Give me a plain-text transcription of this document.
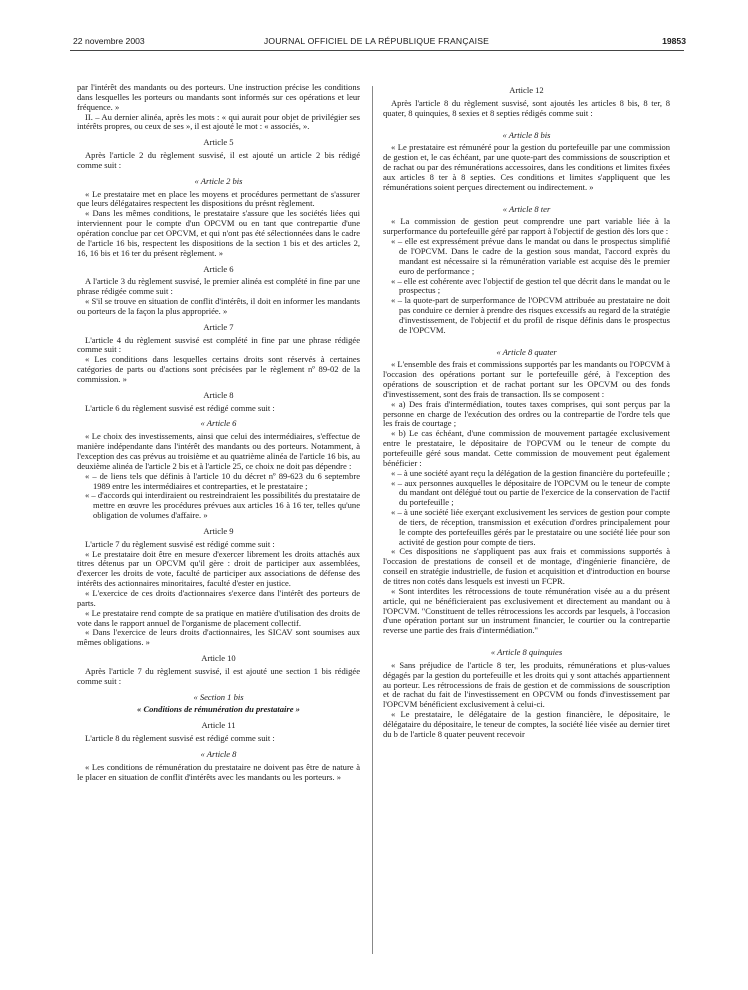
22 novembre 2003	JOURNAL OFFICIEL DE LA RÉPUBLIQUE FRANÇAISE	19853

par l'intérêt des mandants ou des porteurs. Une instruction précise les conditions dans lesquelles les porteurs ou mandants sont informés sur ces opérations et leur fréquence. »

II. – Au dernier alinéa, après les mots : « qui aurait pour objet de privilégier ses intérêts propres, ou ceux de ses », il est ajouté le mot : « associés, ».

Article 5

Après l'article 2 du règlement susvisé, il est ajouté un article 2 bis rédigé comme suit :

« Article 2 bis

« Le prestataire met en place les moyens et procédures permettant de s'assurer que leurs délégataires respectent les dispositions du présnt règlement.

« Dans les mêmes conditions, le prestataire s'assure que les sociétés liées qui interviennent pour le compte d'un OPCVM ou en tant que contrepartie d'une opération conclue par cet OPCVM, et qui n'ont pas été sélectionnées dans le cadre de l'article 16 bis, respectent les dispositions de la section 1 bis et des articles 2, 16, 16 bis et 16 ter du présent règlement. »

Article 6

A l'article 3 du règlement susvisé, le premier alinéa est complété in fine par une phrase rédigée comme suit :

« S'il se trouve en situation de conflit d'intérêts, il doit en informer les mandants ou porteurs de la façon la plus appropriée. »

Article 7

L'article 4 du règlement susvisé est complété in fine par une phrase rédigée comme suit :

« Les conditions dans lesquelles certains droits sont réservés à certaines catégories de parts ou d'actions sont précisées par le règlement nº 89-02 de la commission. »

Article 8

L'article 6 du règlement susvisé est rédigé comme suit :

« Article 6

« Le choix des investissements, ainsi que celui des intermédiaires, s'effectue de manière indépendante dans l'intérêt des mandants ou des porteurs. Notamment, à l'exception des cas prévus au troisième et au quatrième alinéa de l'article 16 bis, au deuxième alinéa de l'article 2 bis et à l'article 25, ce choix ne doit pas dépendre :

« – de liens tels que définis à l'article 10 du décret nº 89-623 du 6 septembre 1989 entre les intermédiaires et contreparties, et le prestataire ;

« – d'accords qui interdiraient ou restreindraient les possibilités du prestataire de mettre en œuvre les procédures prévues aux articles 16 à 16 ter, telles qu'une obligation de volumes d'affaire. »

Article 9

L'article 7 du règlement susvisé est rédigé comme suit :

« Le prestataire doit être en mesure d'exercer librement les droits attachés aux titres détenus par un OPCVM qu'il gère : droit de participer aux assemblées, d'exercer les droits de vote, faculté de participer aux associations de défense des intérêts des actionnaires minoritaires, faculté d'ester en justice.

« L'exercice de ces droits d'actionnaires s'exerce dans l'intérêt des porteurs de parts.

« Le prestataire rend compte de sa pratique en matière d'utilisation des droits de vote dans le rapport annuel de l'organisme de placement collectif.

« Dans l'exercice de leurs droits d'actionnaires, les SICAV sont soumises aux mêmes obligations. »

Article 10

Après l'article 7 du règlement susvisé, il est ajouté une section 1 bis rédigée comme suit :

« Section 1 bis

« Conditions de rémunération du prestataire »

Article 11

L'article 8 du règlement susvisé est rédigé comme suit :

« Article 8

« Les conditions de rémunération du prestataire ne doivent pas être de nature à le placer en situation de conflit d'intérêts avec les mandants ou les porteurs. »

Article 12

Après l'article 8 du règlement susvisé, sont ajoutés les articles 8 bis, 8 ter, 8 quater, 8 quinquies, 8 sexies et 8 septies rédigés comme suit :

« Article 8 bis

« Le prestataire est rémunéré pour la gestion du portefeuille par une commission de gestion et, le cas échéant, par une quote-part des commissions de souscription et de rachat ou par des rémunérations accessoires, dans les conditions et limites fixées aux articles 8 ter à 8 septies. Ces conditions et limites s'appliquent que les rémunérations soient perçues directement ou indirectement. »

« Article 8 ter

« La commission de gestion peut comprendre une part variable liée à la surperformance du portefeuille géré par rapport à l'objectif de gestion dès lors que :

« – elle est expressément prévue dans le mandat ou dans le prospectus simplifié de l'OPCVM. Dans le cadre de la gestion sous mandat, l'accord exprès du mandant est nécessaire si la rémunération variable est acquise dès le premier euro de performance ;

« – elle est cohérente avec l'objectif de gestion tel que décrit dans le mandat ou le prospectus ;

« – la quote-part de surperformance de l'OPCVM attribuée au prestataire ne doit pas conduire ce dernier à prendre des risques excessifs au regard de la stratégie d'investissement, de l'objectif et du profil de risque définis dans le prospectus de l'OPCVM.

« Article 8 quater

« L'ensemble des frais et commissions supportés par les mandants ou l'OPCVM à l'occasion des opérations portant sur le portefeuille géré, à l'exception des opérations de souscription et de rachat portant sur les OPCVM ou des fonds d'investissement, sont des frais de transaction. Ils se composent :

« a) Des frais d'intermédiation, toutes taxes comprises, qui sont perçus par la personne en charge de l'exécution des ordres ou la contrepartie de l'ordre tels que les frais de courtage ;

« b) Le cas échéant, d'une commission de mouvement partagée exclusivement entre le prestataire, le dépositaire de l'OPCVM ou le teneur de compte du portefeuille géré sous mandat. Cette commission de mouvement peut également bénéficier :

« – à une société ayant reçu la délégation de la gestion financière du portefeuille ;

« – aux personnes auxquelles le dépositaire de l'OPCVM ou le teneur de compte du mandant ont délégué tout ou partie de l'exercice de la conservation de l'actif du portefeuille ;

« – à une société liée exerçant exclusivement les services de gestion pour compte de tiers, de réception, transmission et exécution d'ordres principalement pour le compte des portefeuilles gérés par le prestataire ou une société liée pour son activité de gestion pour compte de tiers.

« Ces dispositions ne s'appliquent pas aux frais et commissions supportés à l'occasion de prestations de conseil et de montage, d'ingénierie financière, de conseil en stratégie industrielle, de fusion et acquisition et d'introduction en bourse de titres non cotés dans lesquels est investi un FCPR.

« Sont interdites les rétrocessions de toute rémunération visée au a du présent article, qui ne bénéficieraient pas exclusivement et directement au mandant ou à l'OPCVM. "Constituent de telles rétrocessions les accords par lesquels, à l'occasion d'une opération portant sur un instrument financier, le courtier ou la contrepartie reverse une partie des frais d'intermédiation."

« Article 8 quinquies

« Sans préjudice de l'article 8 ter, les produits, rémunérations et plus-values dégagés par la gestion du portefeuille et les droits qui y sont attachés appartiennent au porteur. Les rétrocessions de frais de gestion et de commissions de souscription et de rachat du fait de l'investissement en OPCVM ou fonds d'investissement par l'OPCVM bénéficient exclusivement à celui-ci.

« Le prestataire, le délégataire de la gestion financière, le dépositaire, le délégataire du dépositaire, le teneur de comptes, la société liée visée au dernier tiret du b de l'article 8 quater peuvent recevoir
